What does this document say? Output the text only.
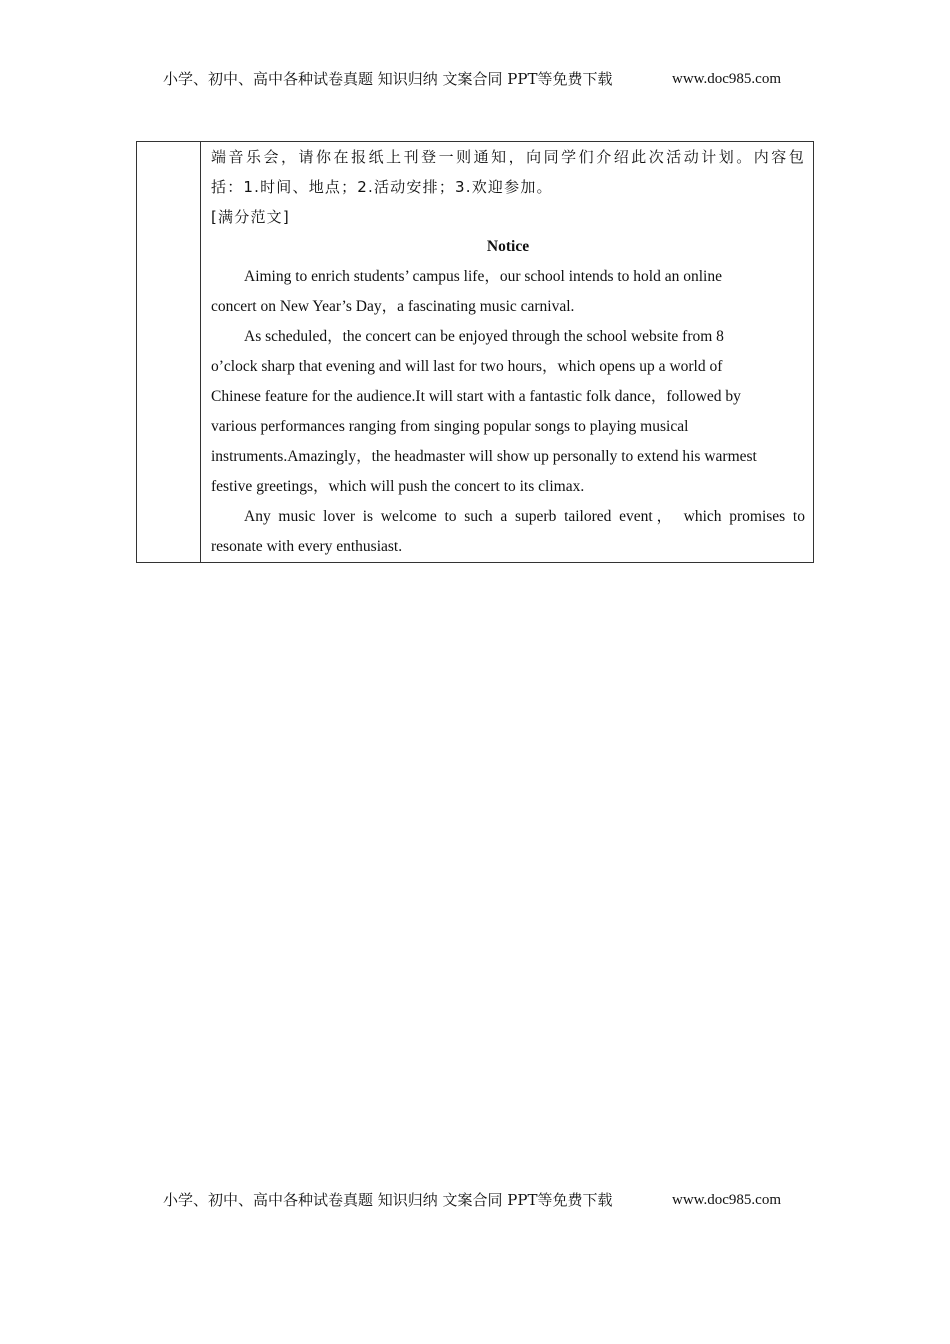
小学、初中、高中各种试卷真题 知识归纳 文案合同 PPT等免费下载	www.doc985.com
端音乐会，请你在报纸上刊登一则通知，向同学们介绍此次活动计划。内容包
括：1.时间、地点；2.活动安排；3.欢迎参加。
[满分范文]
Notice
Aiming to enrich students’ campus life，our school intends to hold an online
concert on New Year’s Day，a fascinating music carnival.
As scheduled，the concert can be enjoyed through the school website from 8
o’clock sharp that evening and will last for two hours，which opens up a world of
Chinese feature for the audience.It will start with a fantastic folk dance，followed by
various performances ranging from singing popular songs to playing musical
instruments.Amazingly，the headmaster will show up personally to extend his warmest
festive greetings，which will push the concert to its climax.
Any music lover is welcome to such a superb tailored event， which promises to
resonate with every enthusiast.
小学、初中、高中各种试卷真题 知识归纳 文案合同 PPT等免费下载	www.doc985.com
